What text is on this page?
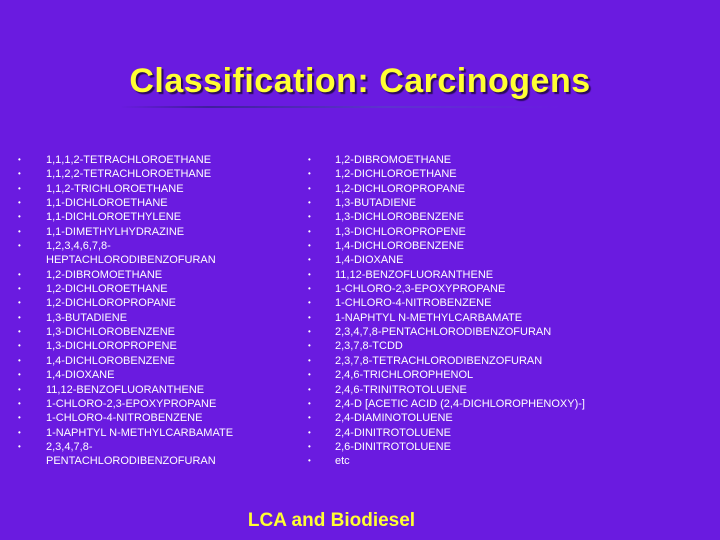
Classification: Carcinogens
• 1,1,1,2-TETRACHLOROETHANE
• 1,1,2,2-TETRACHLOROETHANE
• 1,1,2-TRICHLOROETHANE
• 1,1-DICHLOROETHANE
• 1,1-DICHLOROETHYLENE
• 1,1-DIMETHYLHYDRAZINE
• 1,2,3,4,6,7,8-
HEPTACHLORODIBENZOFURAN
• 1,2-DIBROMOETHANE
• 1,2-DICHLOROETHANE
• 1,2-DICHLOROPROPANE
• 1,3-BUTADIENE
• 1,3-DICHLOROBENZENE
• 1,3-DICHLOROPROPENE
• 1,4-DICHLOROBENZENE
• 1,4-DIOXANE
• 11,12-BENZOFLUORANTHENE
• 1-CHLORO-2,3-EPOXYPROPANE
• 1-CHLORO-4-NITROBENZENE
• 1-NAPHTYL N-METHYLCARBAMATE
• 2,3,4,7,8-
PENTACHLORODIBENZOFURAN
• 1,2-DIBROMOETHANE
• 1,2-DICHLOROETHANE
• 1,2-DICHLOROPROPANE
• 1,3-BUTADIENE
• 1,3-DICHLOROBENZENE
• 1,3-DICHLOROPROPENE
• 1,4-DICHLOROBENZENE
• 1,4-DIOXANE
• 11,12-BENZOFLUORANTHENE
• 1-CHLORO-2,3-EPOXYPROPANE
• 1-CHLORO-4-NITROBENZENE
• 1-NAPHTYL N-METHYLCARBAMATE
• 2,3,4,7,8-PENTACHLORODIBENZOFURAN
• 2,3,7,8-TCDD
• 2,3,7,8-TETRACHLORODIBENZOFURAN
• 2,4,6-TRICHLOROPHENOL
• 2,4,6-TRINITROTOLUENE
• 2,4-D [ACETIC ACID (2,4-DICHLOROPHENOXY)-]
• 2,4-DIAMINOTOLUENE
• 2,4-DINITROTOLUENE
• 2,6-DINITROTOLUENE
• etc
LCA and Biodiesel
